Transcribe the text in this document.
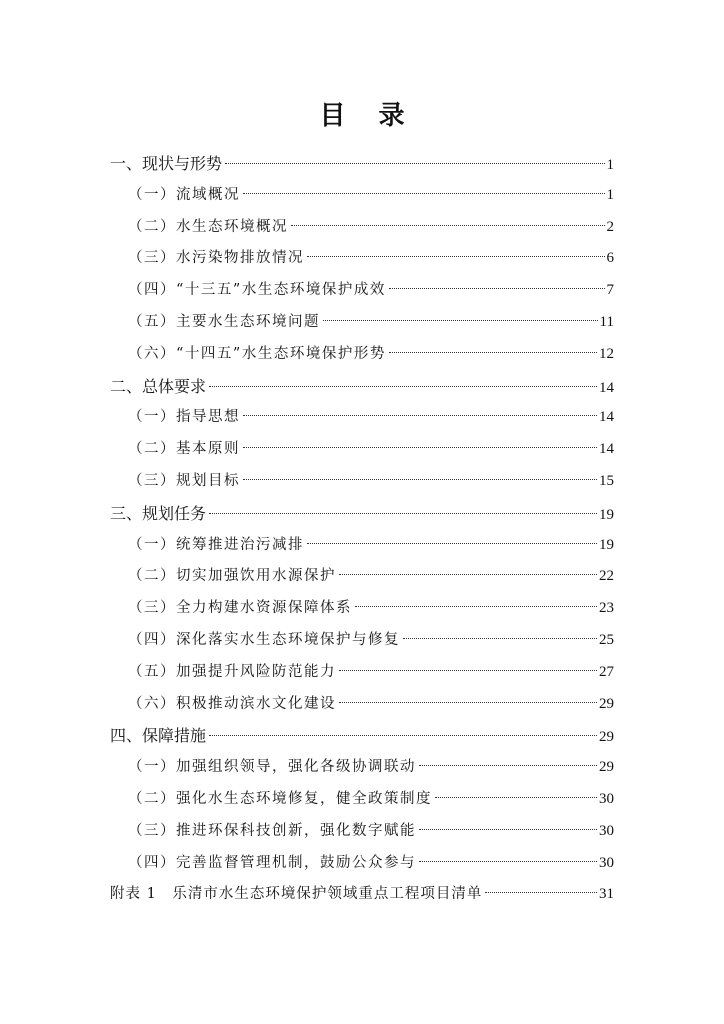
目 录
一、现状与形势	1
（一）流域概况	1
（二）水生态环境概况	2
（三）水污染物排放情况	6
（四）“十三五”水生态环境保护成效	7
（五）主要水生态环境问题	11
（六）“十四五”水生态环境保护形势	12
二、总体要求	14
（一）指导思想	14
（二）基本原则	14
（三）规划目标	15
三、规划任务	19
（一）统筹推进治污减排	19
（二）切实加强饮用水源保护	22
（三）全力构建水资源保障体系	23
（四）深化落实水生态环境保护与修复	25
（五）加强提升风险防范能力	27
（六）积极推动滨水文化建设	29
四、保障措施	29
（一）加强组织领导，强化各级协调联动	29
（二）强化水生态环境修复，健全政策制度	30
（三）推进环保科技创新，强化数字赋能	30
（四）完善监督管理机制，鼓励公众参与	30
附表 1　乐清市水生态环境保护领域重点工程项目清单	31
